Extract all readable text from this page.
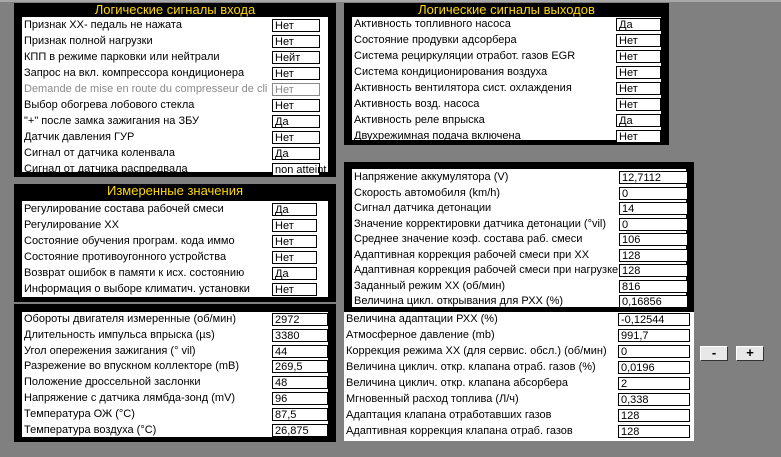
Логические сигналы входа
Признак ХХ- педаль не нажата	Нет
Признак полной нагрузки	Нет
КПП в режиме парковки или нейтрали	Нейт
Запрос на вкл. компрессора кондиционера	Нет
Demande de mise en route du compresseur de cli Нет
Выбор обогрева лобового стекла	Нет
"+" после замка зажигания на ЗБУ	Да
Датчик давления ГУР	Нет
Сигнал от датчика коленвала	Да
Сигнал от датчика распредвала	non atteint
Логические сигналы выходов
Активность топливного насоса	Да
Состояние продувки адсорбера	Нет
Система рециркуляции отработ. газов EGR	Нет
Система кондиционирования воздуха	Нет
Активность вентилятора сист. охлаждения	Нет
Активность возд. насоса	Нет
Активность реле впрыска	Да
Двухрежимная подача включена	Нет
Измеренные значения
Регулирование состава рабочей смеси	Да
Регулирование ХХ	Нет
Состояние обучения програм. кода иммо	Нет
Состояние противоугонного устройства	Нет
Возврат ошибок в памяти к исх. состоянию	Да
Информация о выборе климатич. установки	Нет
Обороты двигателя измеренные (об/мин)	2972
Длительность импульса впрыска (µs)	3380
Угол опережения зажигания (° vil)	44
Разрежение во впускном коллекторе (mB)	269,5
Положение дроссельной заслонки	48
Напряжение с датчика лямбда-зонд (mV)	96
Температура ОЖ (°C)	87,5
Температура воздуха (°C)	26,875
Напряжение аккумулятора (V)	12,7112
Скорость автомобиля (km/h)	0
Сигнал датчика детонации	14
Значение корректировки датчика детонации (°vil)	0
Среднее значение коэф. состава раб. смеси	106
Адаптивная коррекция рабочей смеси при ХХ	128
Адаптивная коррекция рабочей смеси при нагрузке 128
Заданный режим ХХ (об/мин)	816
Величина цикл. открывания для РХХ (%)	0,16856
Величина адаптации РХХ (%)	-0,12544
Атмосферное давление (mb)	991,7
Коррекция режима ХХ (для сервис. обсл.) (об/мин)	0
Величина циклич. откр. клапана отраб. газов (%)	0,0196
Величина циклич. откр. клапана абсорбера	2
Мгновенный расход топлива (Л/ч)	0,338
Адаптация клапана отработавших газов	128
Адаптивная коррекция клапана отраб. газов	128
-	+
